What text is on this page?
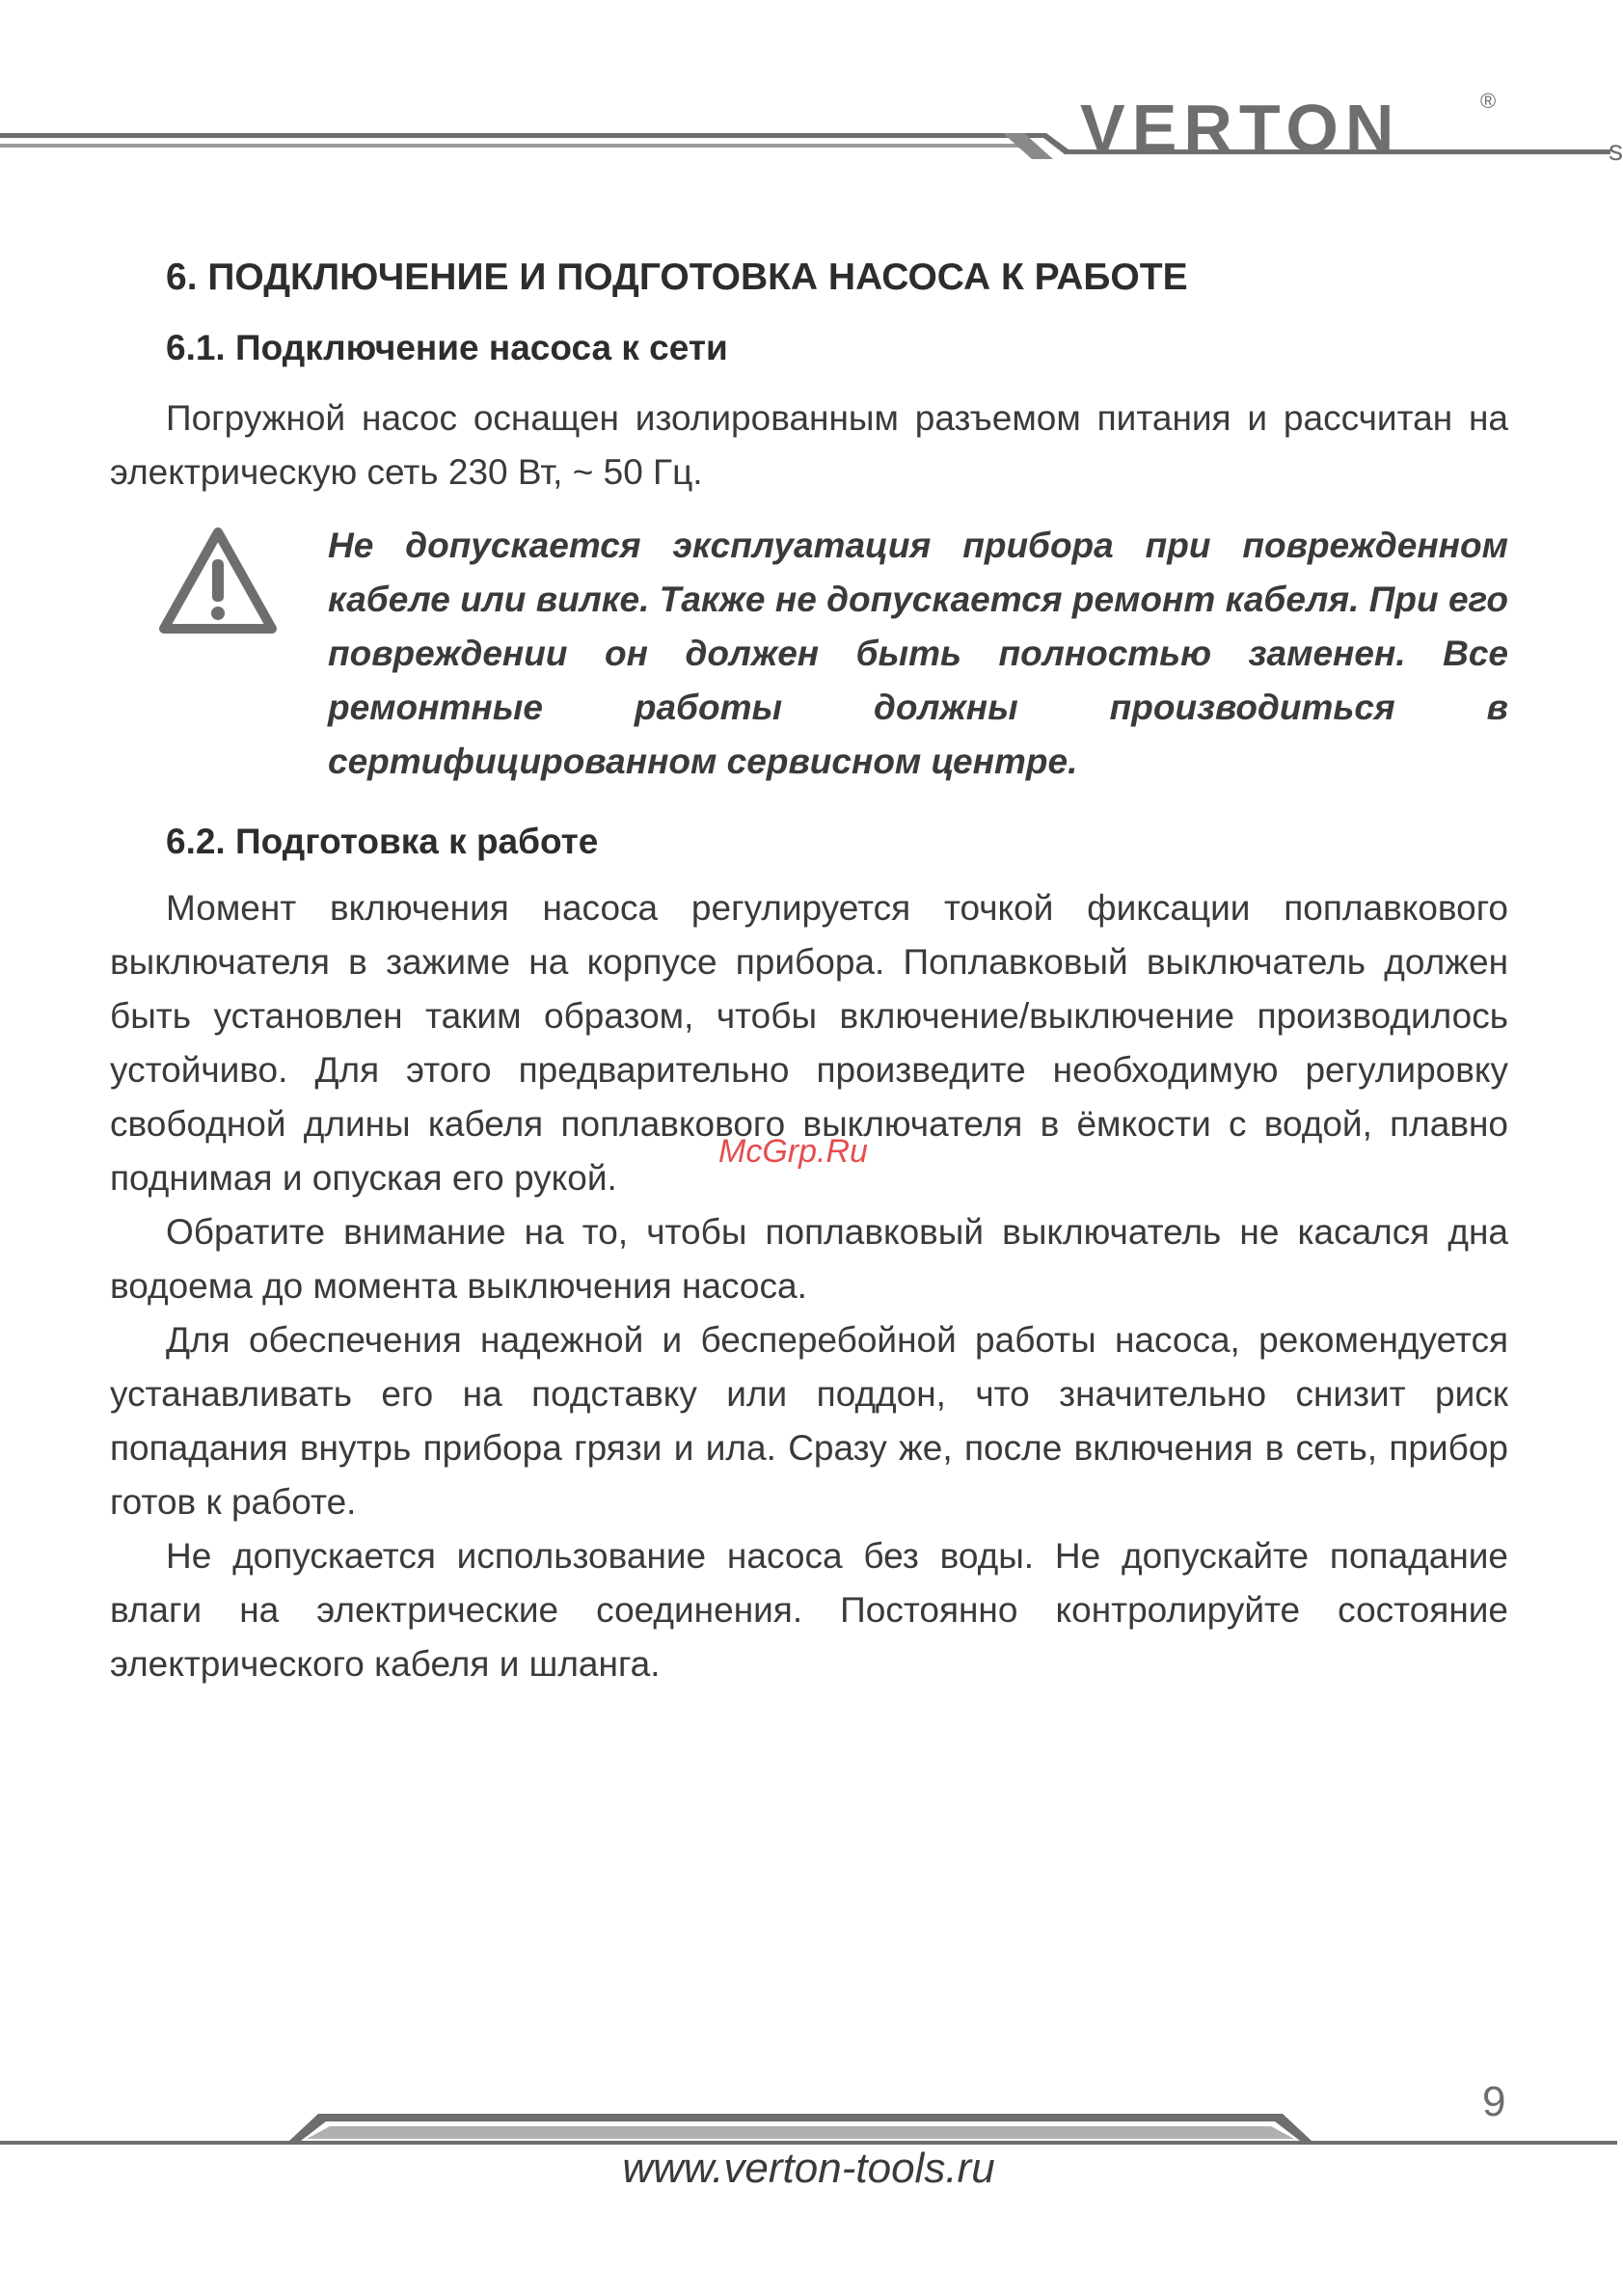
VERTON	®
s
6. ПОДКЛЮЧЕНИЕ И ПОДГОТОВКА НАСОСА К РАБОТЕ
6.1. Подключение насоса к сети

Погружной насос оснащен изолированным разъемом питания и рассчитан на электрическую сеть 230 Вт, ~ 50 Гц.

Не допускается эксплуатация прибора при поврежденном кабеле или вилке. Также не допускается ремонт кабеля. При его повреждении он должен быть полностью заменен. Все ремонтные работы должны производиться в сертифицированном сервисном центре.
6.2. Подготовка к работе

Момент включения насоса регулируется точкой фиксации поплавкового выключателя в зажиме на корпусе прибора. Поплавковый выключатель должен быть установлен таким образом, чтобы включение/выключение производилось устойчиво. Для этого предварительно произведите необходимую регулировку свободной длины кабеля поплавкового выключателя в ёмкости с водой, плавно поднимая и опуская его рукой.

Обратите внимание на то, чтобы поплавковый выключатель не касался дна водоема до момента выключения насоса.

Для обеспечения надежной и бесперебойной работы насоса, рекомендуется устанавливать его на подставку или поддон, что значительно снизит риск попадания внутрь прибора грязи и ила. Сразу же, после включения в сеть, прибор готов к работе.

Не допускается использование насоса без воды. Не допускайте попадание влаги на электрические соединения. Постоянно контролируйте состояние электрического кабеля и шланга.

McGrp.Ru
9
www.verton-tools.ru
